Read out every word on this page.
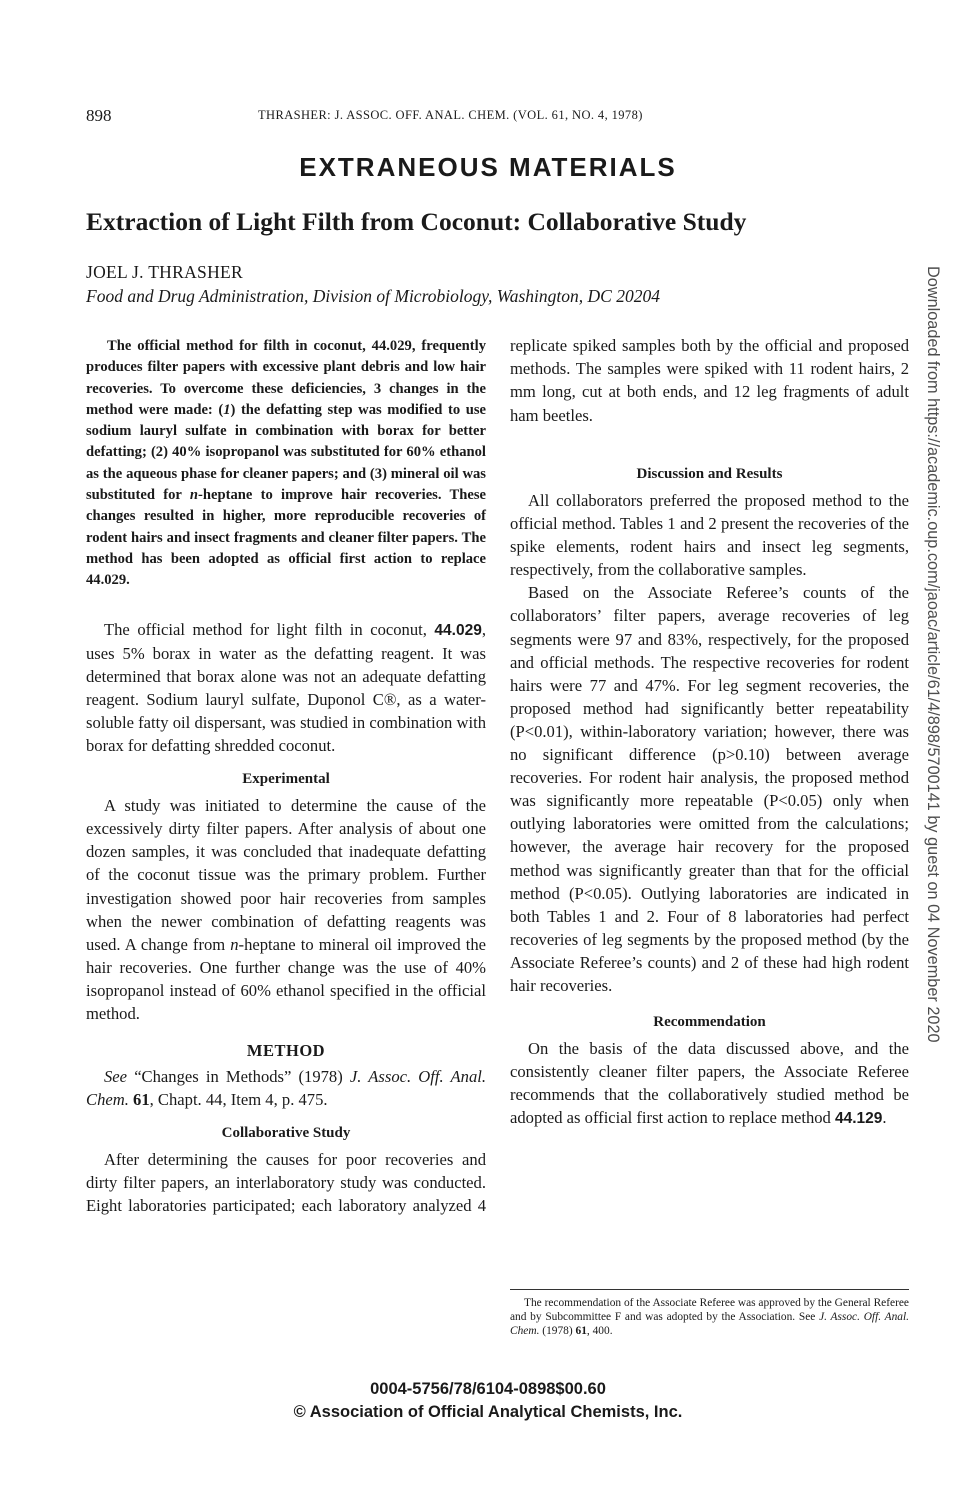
898	THRASHER: J. ASSOC. OFF. ANAL. CHEM. (VOL. 61, NO. 4, 1978)
EXTRANEOUS MATERIALS
Extraction of Light Filth from Coconut: Collaborative Study
JOEL J. THRASHER
Food and Drug Administration, Division of Microbiology, Washington, DC 20204

The official method for filth in coconut, 44.029, frequently produces filter papers with excessive plant debris and low hair recoveries. To overcome these deficiencies, 3 changes in the method were made: (1) the defatting step was modified to use sodium lauryl sulfate in combination with borax for better defatting; (2) 40% isopropanol was substituted for 60% ethanol as the aqueous phase for cleaner papers; and (3) mineral oil was substituted for n-heptane to improve hair recoveries. These changes resulted in higher, more reproducible recoveries of rodent hairs and insect fragments and cleaner filter papers. The method has been adopted as official first action to replace 44.029.

The official method for light filth in coconut, 44.029, uses 5% borax in water as the defatting reagent. It was determined that borax alone was not an adequate defatting reagent. Sodium lauryl sulfate, Duponol C®, as a water-soluble fatty oil dispersant, was studied in combination with borax for defatting shredded coconut.

Experimental

A study was initiated to determine the cause of the excessively dirty filter papers. After analysis of about one dozen samples, it was concluded that inadequate defatting of the coconut tissue was the primary problem. Further investigation showed poor hair recoveries from samples when the newer combination of defatting reagents was used. A change from n-heptane to mineral oil improved the hair recoveries. One further change was the use of 40% isopropanol instead of 60% ethanol specified in the official method.

METHOD

See “Changes in Methods” (1978) J. Assoc. Off. Anal. Chem. 61, Chapt. 44, Item 4, p. 475.

Collaborative Study

After determining the causes for poor recoveries and dirty filter papers, an interlaboratory study was conducted. Eight laboratories participated; each laboratory analyzed 4

replicate spiked samples both by the official and proposed methods. The samples were spiked with 11 rodent hairs, 2 mm long, cut at both ends, and 12 leg fragments of adult ham beetles.

Discussion and Results

All collaborators preferred the proposed method to the official method. Tables 1 and 2 present the recoveries of the spike elements, rodent hairs and insect leg segments, respectively, from the collaborative samples.

Based on the Associate Referee’s counts of the collaborators’ filter papers, average recoveries of leg segments were 97 and 83%, respectively, for the proposed and official methods. The respective recoveries for rodent hairs were 77 and 47%. For leg segment recoveries, the proposed method had significantly better repeatability (P<0.01), within-laboratory variation; however, there was no significant difference (p>0.10) between average recoveries. For rodent hair analysis, the proposed method was significantly more repeatable (P<0.05) only when outlying laboratories were omitted from the calculations; however, the average hair recovery for the proposed method was significantly greater than that for the official method (P<0.05). Outlying laboratories are indicated in both Tables 1 and 2. Four of 8 laboratories had perfect recoveries of leg segments by the proposed method (by the Associate Referee’s counts) and 2 of these had high rodent hair recoveries.

Recommendation

On the basis of the data discussed above, and the consistently cleaner filter papers, the Associate Referee recommends that the collaboratively studied method be adopted as official first action to replace method 44.129.

The recommendation of the Associate Referee was approved by the General Referee and by Subcommittee F and was adopted by the Association. See J. Assoc. Off. Anal. Chem. (1978) 61, 400.
0004-5756/78/6104-0898$00.60
© Association of Official Analytical Chemists, Inc.
Downloaded from https://academic.oup.com/jaoac/article/61/4/898/5700141 by guest on 04 November 2020
